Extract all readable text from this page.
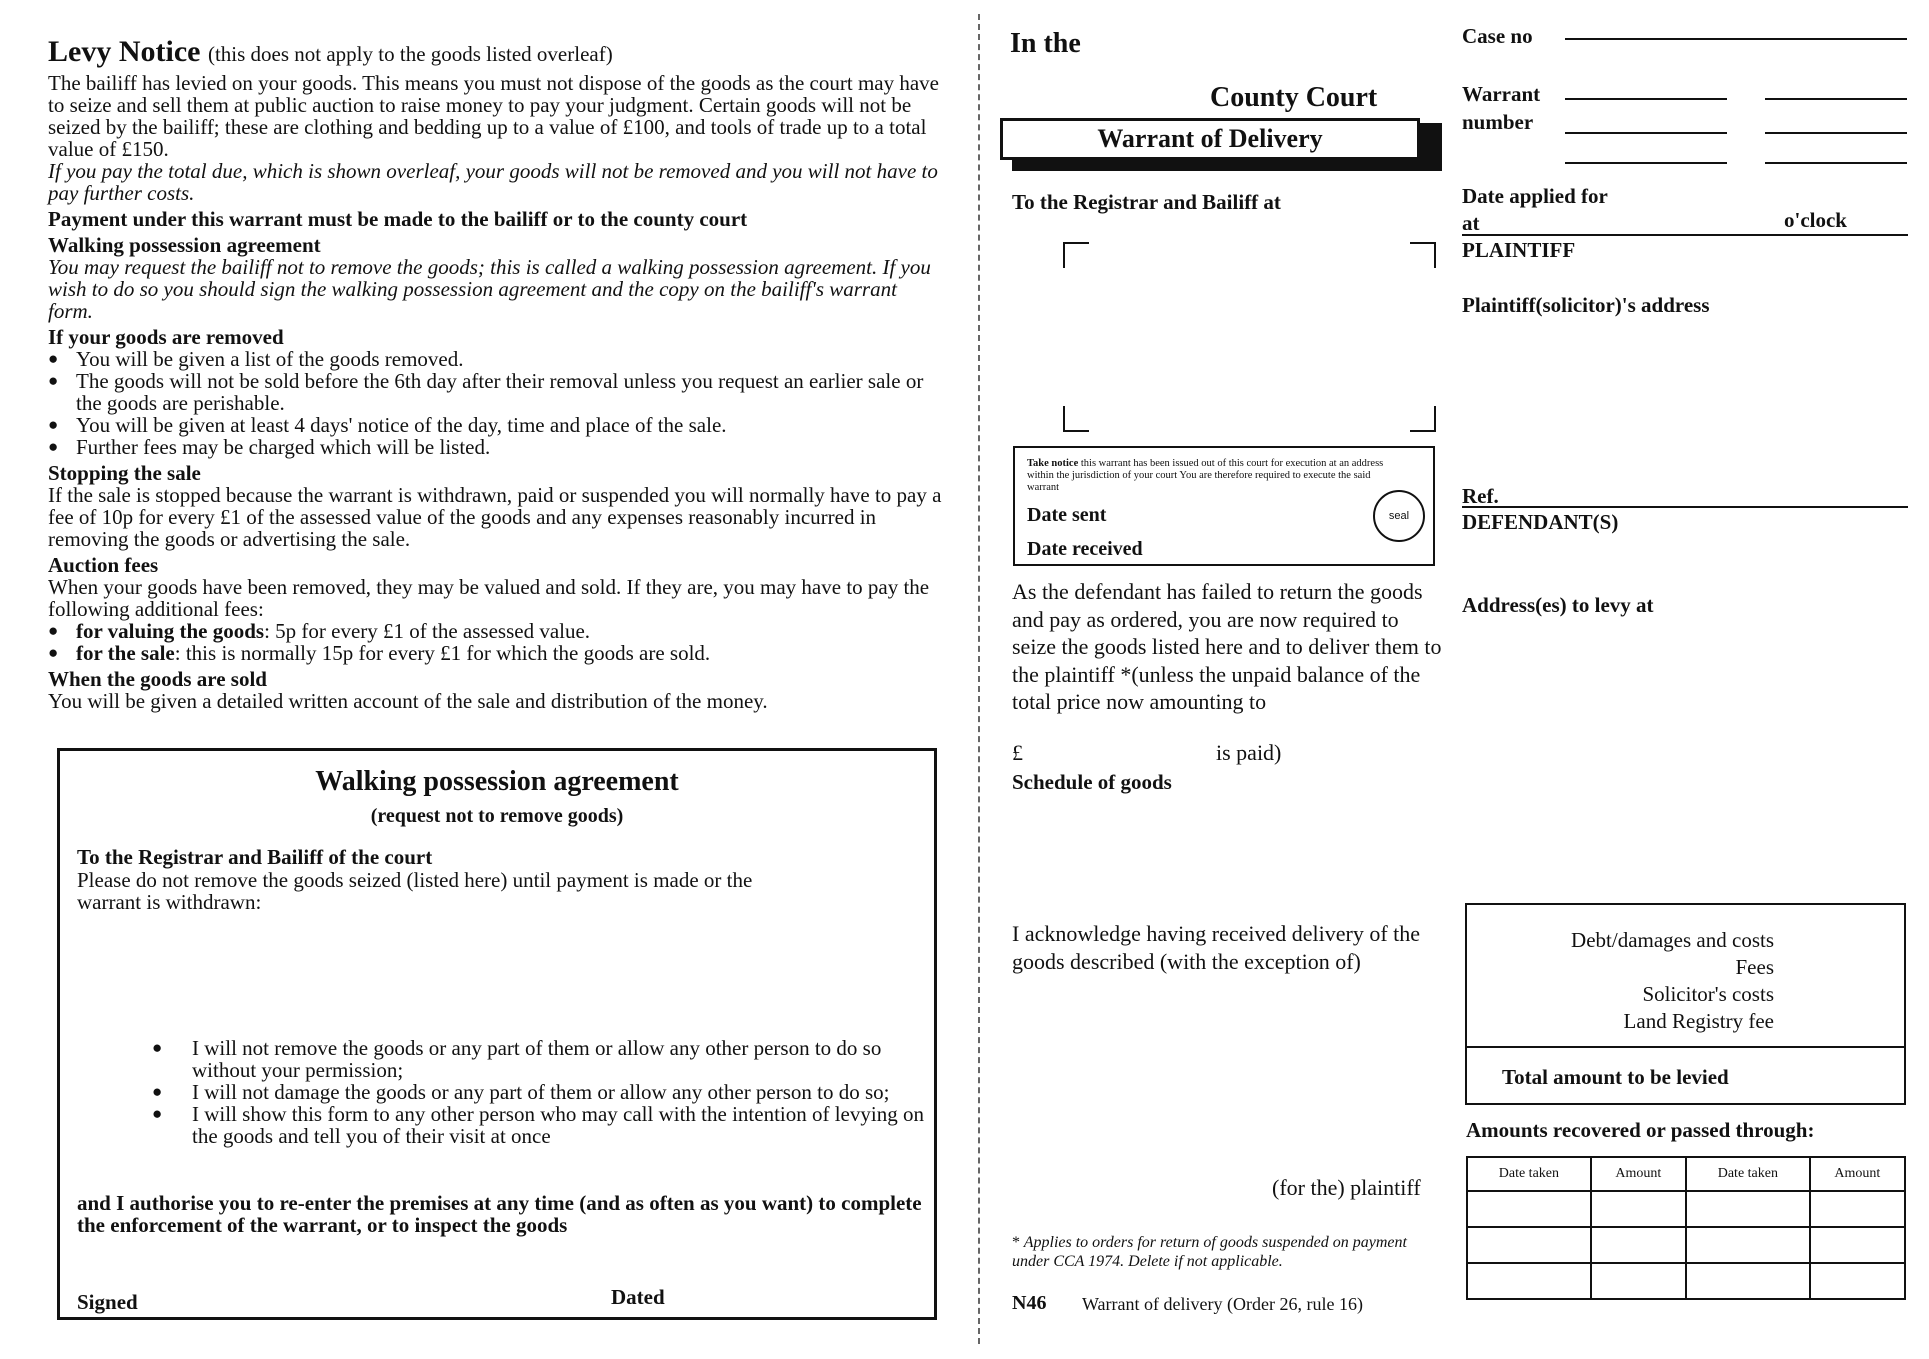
Levy Notice (this does not apply to the goods listed overleaf)

The bailiff has levied on your goods. This means you must not dispose of the goods as the court may have to seize and sell them at public auction to raise money to pay your judgment. Certain goods will not be seized by the bailiff; these are clothing and bedding up to a value of £100, and tools of trade up to a total value of £150.

If you pay the total due, which is shown overleaf, your goods will not be removed and you will not have to pay further costs.

Payment under this warrant must be made to the bailiff or to the county court

Walking possession agreement

You may request the bailiff not to remove the goods; this is called a walking possession agreement. If you wish to do so you should sign the walking possession agreement and the copy on the bailiff's warrant form.

If your goods are removed

● You will be given a list of the goods removed.
● The goods will not be sold before the 6th day after their removal unless you request an earlier sale or the goods are perishable.
● You will be given at least 4 days' notice of the day, time and place of the sale.
● Further fees may be charged which will be listed.

Stopping the sale

If the sale is stopped because the warrant is withdrawn, paid or suspended you will normally have to pay a fee of 10p for every £1 of the assessed value of the goods and any expenses reasonably incurred in removing the goods or advertising the sale.

Auction fees

When your goods have been removed, they may be valued and sold. If they are, you may have to pay the following additional fees:

● for valuing the goods: 5p for every £1 of the assessed value.
● for the sale: this is normally 15p for every £1 for which the goods are sold.

When the goods are sold

You will be given a detailed written account of the sale and distribution of the money.

Walking possession agreement
(request not to remove goods)
To the Registrar and Bailiff of the court
Please do not remove the goods seized (listed here) until payment is made or the warrant is withdrawn:
● I will not remove the goods or any part of them or allow any other person to do so without your permission;
● I will not damage the goods or any part of them or allow any other person to do so;
● I will show this form to any other person who may call with the intention of levying on the goods and tell you of their visit at once
and I authorise you to re-enter the premises at any time (and as often as you want) to complete the enforcement of the warrant, or to inspect the goods
Signed	Dated
In the
County Court
Warrant of Delivery
To the Registrar and Bailiff at
Take notice this warrant has been issued out of this court for execution at an address within the jurisdiction of your court You are therefore required to execute the said warrant
Date sent
Date received
seal
As the defendant has failed to return the goods and pay as ordered, you are now required to seize the goods listed here and to deliver them to the plaintiff *(unless the unpaid balance of the total price now amounting to
£	is paid)
Schedule of goods
I acknowledge having received delivery of the goods described (with the exception of)
(for the) plaintiff
* Applies to orders for return of goods suspended on payment under CCA 1974. Delete if not applicable.
N46 Warrant of delivery (Order 26, rule 16)
Case no
Warrant
number
Date applied for
at	o'clock
PLAINTIFF
Plaintiff(solicitor)'s address
Ref.
DEFENDANT(S)
Address(es) to levy at
Debt/damages and costs
Fees
Solicitor's costs
Land Registry fee
Total amount to be levied
Amounts recovered or passed through:
Date taken	Amount	Date taken	Amount
